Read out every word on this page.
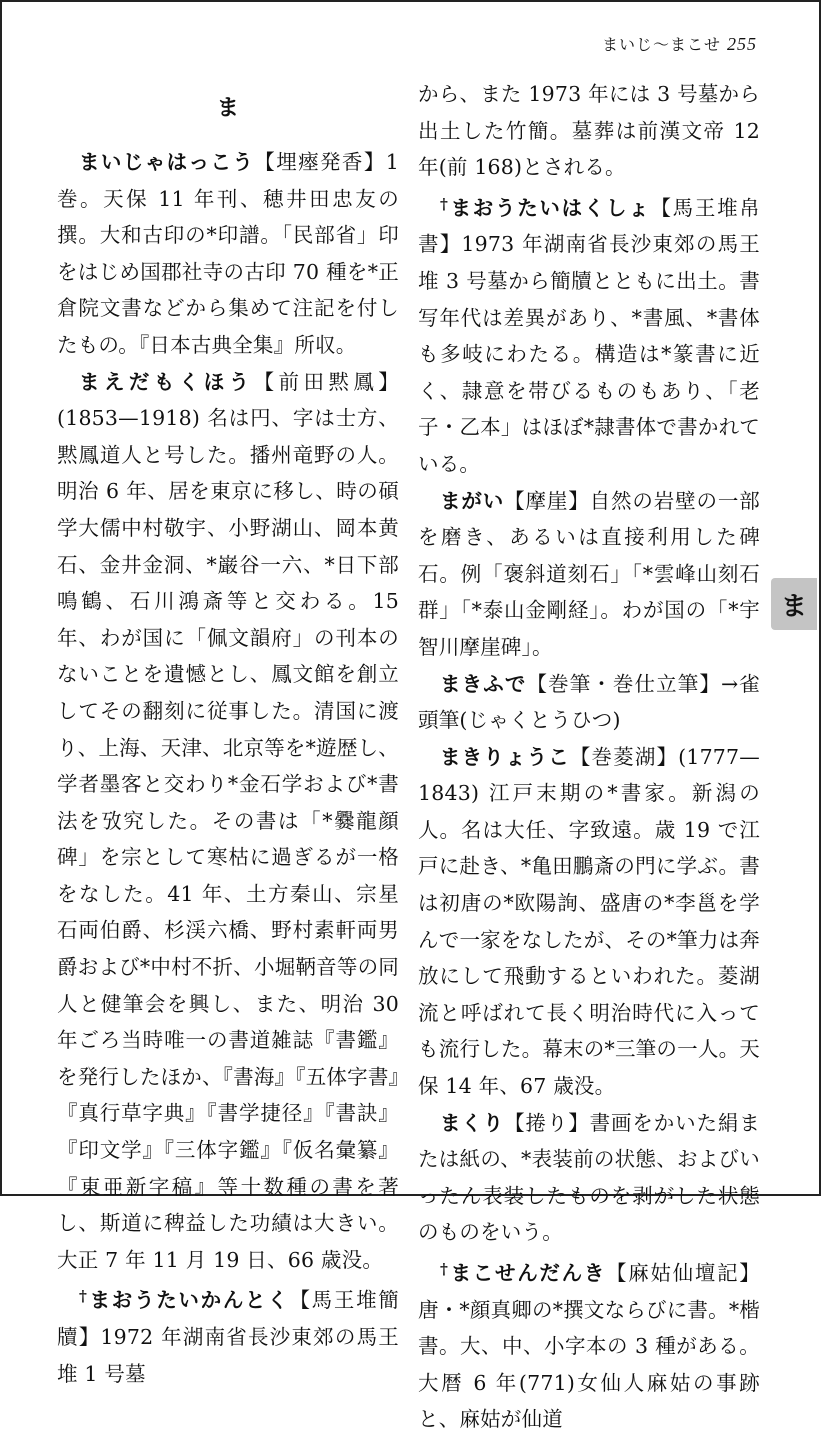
まいじ〜まこせ 255
ま

まいじゃはっこう【埋瘞発香】1 巻。天保 11 年刊、穂井田忠友の撰。大和古印の*印譜。「民部省」印をはじめ国郡社寺の古印 70 種を*正倉院文書などから集めて注記を付したもの。『日本古典全集』所収。

まえだもくほう【前田黙鳳】(1853—1918) 名は円、字は士方、黙鳳道人と号した。播州竜野の人。明治 6 年、居を東京に移し、時の碩学大儒中村敬宇、小野湖山、岡本黄石、金井金洞、*巌谷一六、*日下部鳴鶴、石川鴻斎等と交わる。15 年、わが国に「佩文韻府」の刊本のないことを遺憾とし、鳳文館を創立してその翻刻に従事した。清国に渡り、上海、天津、北京等を*遊歴し、学者墨客と交わり*金石学および*書法を攷究した。その書は「*爨龍顔碑」を宗として寒枯に過ぎるが一格をなした。41 年、土方秦山、宗星石両伯爵、杉渓六橋、野村素軒両男爵および*中村不折、小堀鞆音等の同人と健筆会を興し、また、明治 30 年ごろ当時唯一の書道雑誌『書鑑』を発行したほか、『書海』『五体字書』『真行草字典』『書学捷径』『書訣』『印文学』『三体字鑑』『仮名彙纂』『東亜新字稿』等十数種の書を著し、斯道に稗益した功績は大きい。大正 7 年 11 月 19 日、66 歳没。

†まおうたいかんとく【馬王堆簡牘】1972 年湖南省長沙東郊の馬王堆 1 号墓

から、また 1973 年には 3 号墓から出土した竹簡。墓葬は前漢文帝 12 年(前 168)とされる。

†まおうたいはくしょ【馬王堆帛書】1973 年湖南省長沙東郊の馬王堆 3 号墓から簡牘とともに出土。書写年代は差異があり、*書風、*書体も多岐にわたる。構造は*篆書に近く、隷意を帯びるものもあり、「老子・乙本」はほぼ*隷書体で書かれている。

まがい【摩崖】自然の岩壁の一部を磨き、あるいは直接利用した碑石。例「褒斜道刻石」「*雲峰山刻石群」「*泰山金剛経」。わが国の「*宇智川摩崖碑」。

まきふで【巻筆・巻仕立筆】→雀頭筆(じゃくとうひつ)

まきりょうこ【巻菱湖】(1777—1843) 江戸末期の*書家。新潟の人。名は大任、字致遠。歳 19 で江戸に赴き、*亀田鵬斎の門に学ぶ。書は初唐の*欧陽詢、盛唐の*李邕を学んで一家をなしたが、その*筆力は奔放にして飛動するといわれた。菱湖流と呼ばれて長く明治時代に入っても流行した。幕末の*三筆の一人。天保 14 年、67 歳没。

まくり【捲り】書画をかいた絹または紙の、*表装前の状態、およびいったん表装したものを剥がした状態のものをいう。

†まこせんだんき【麻姑仙壇記】唐・*顔真卿の*撰文ならびに書。*楷書。大、中、小字本の 3 種がある。大暦 6 年(771)女仙人麻姑の事跡と、麻姑が仙道

ま
